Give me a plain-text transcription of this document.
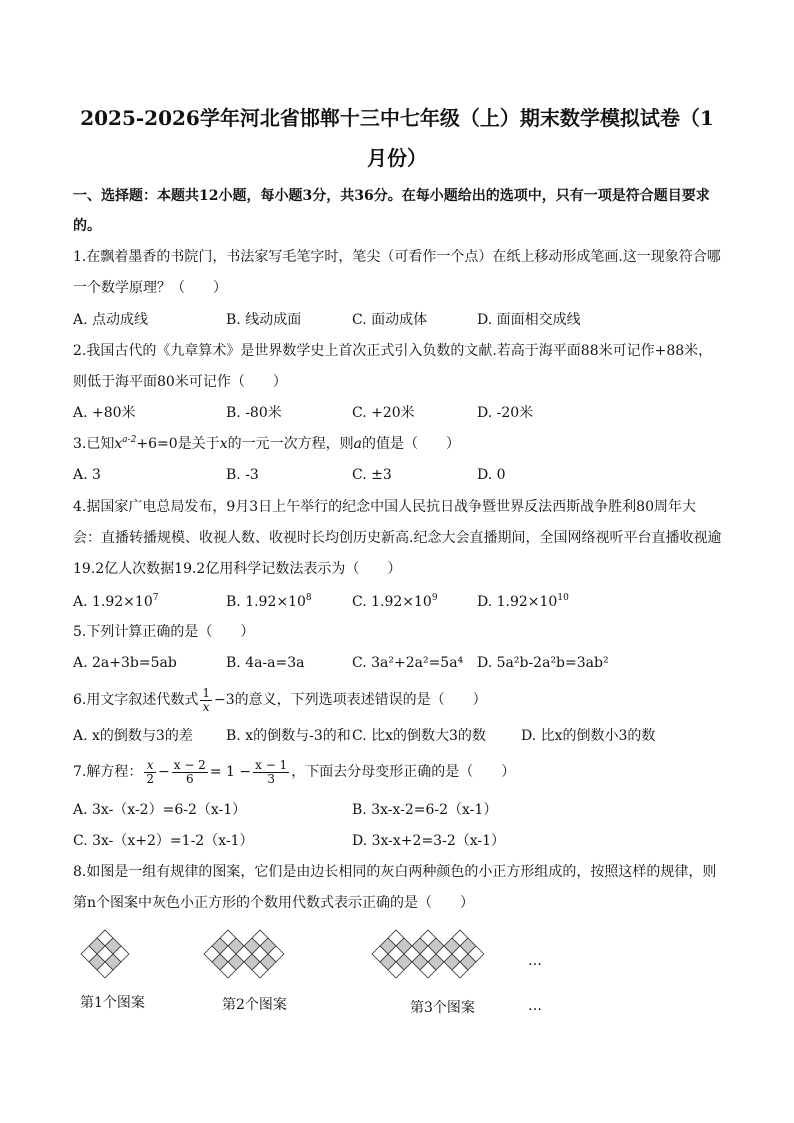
2025-2026学年河北省邯郸十三中七年级（上）期末数学模拟试卷（1
月份）
一、选择题：本题共12小题，每小题3分，共36分。在每小题给出的选项中，只有一项是符合题目要求
的。
1.在飘着墨香的书院门，书法家写毛笔字时，笔尖（可看作一个点）在纸上移动形成笔画.这一现象符合哪
一个数学原理？（　　）
A. 点动成线	B. 线动成面	C. 面动成体	D. 面面相交成线
2.我国古代的《九章算术》是世界数学史上首次正式引入负数的文献.若高于海平面88米可记作+88米，
则低于海平面80米可记作（　　）
A. +80米	B. -80米	C. +20米	D. -20米
3.已知$x^{a-2}+6=0$是关于x的一元一次方程，则a的值是（　　）
A. 3	B. -3	C. ±3	D. 0
4.据国家广电总局发布，9月3日上午举行的纪念中国人民抗日战争暨世界反法西斯战争胜利80周年大
会：直播转播规模、收视人数、收视时长均创历史新高.纪念大会直播期间，全国网络视听平台直播收视逾
19.2亿人次数据19.2亿用科学记数法表示为（　　）
A. $1.92\times 10^7$	B. $1.92\times 10^8$	C. $1.92\times 10^9$	D. $1.92\times 10^{10}$
5.下列计算正确的是（　　）
A. 2a+3b=5ab	B. 4a-a=3a	C. 3a²+2a²=5a⁴ D. 5a²b-2a²b=3ab²
6.用文字叙述代数式 $\frac{1}{x} -3$的意义，下列选项表述错误的是（　　）
A. x的倒数与3的差 B. x的倒数与-3的和 C. 比x的倒数大3的数	D. 比x的倒数小3的数
7.解方程： $\frac{x}{2} - \frac{x - 2}{6} = 1 - \frac{x - 1}{3}$ ，下面去分母变形正确的是（　　）
A. 3x-（x-2）=6-2（x-1）	B. 3x-x-2=6-2（x-1）
C. 3x-（x+2）=1-2（x-1）	D. 3x-x+2=3-2（x-1）
8.如图是一组有规律的图案，它们是由边长相同的灰白两种颜色的小正方形组成的，按照这样的规律，则
第n个图案中灰色小正方形的个数用代数式表示正确的是（　　）
第1个图案	第2个图案	第3个图案
…
…
